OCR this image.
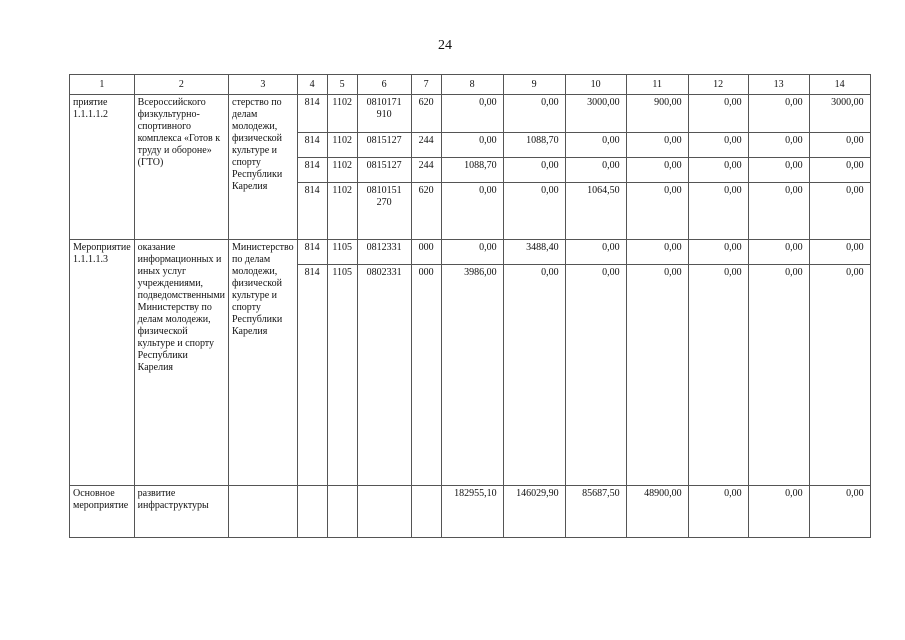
24
1	2	3	4	5	6	7	8	9	10	11	12	13	14
приятие 1.1.1.1.2	Всероссийского физкультурно-спортивного комплекса «Готов к труду и обороне» (ГТО)	стерство по делам молодежи, физической культуре и спорту Республики Карелия	814	1102	0810171 910	620	0,00	0,00	3000,00	900,00	0,00	0,00	3000,00
			814	1102	0815127	244	0,00	1088,70	0,00	0,00	0,00	0,00	0,00
			814	1102	0815127	244	1088,70	0,00	0,00	0,00	0,00	0,00	0,00
			814	1102	0810151 270	620	0,00	0,00	1064,50	0,00	0,00	0,00	0,00
Мероприятие 1.1.1.1.3	оказание информационных и иных услуг учреждениями, подведомственными Министерству по делам молодежи, физической культуре и спорту Республики Карелия	Министерство по делам молодежи, физической культуре и спорту Республики Карелия	814	1105	0812331	000	0,00	3488,40	0,00	0,00	0,00	0,00	0,00
			814	1105	0802331	000	3986,00	0,00	0,00	0,00	0,00	0,00	0,00
Основное мероприятие	развитие инфраструктуры						182955,10	146029,90	85687,50	48900,00	0,00	0,00	0,00
